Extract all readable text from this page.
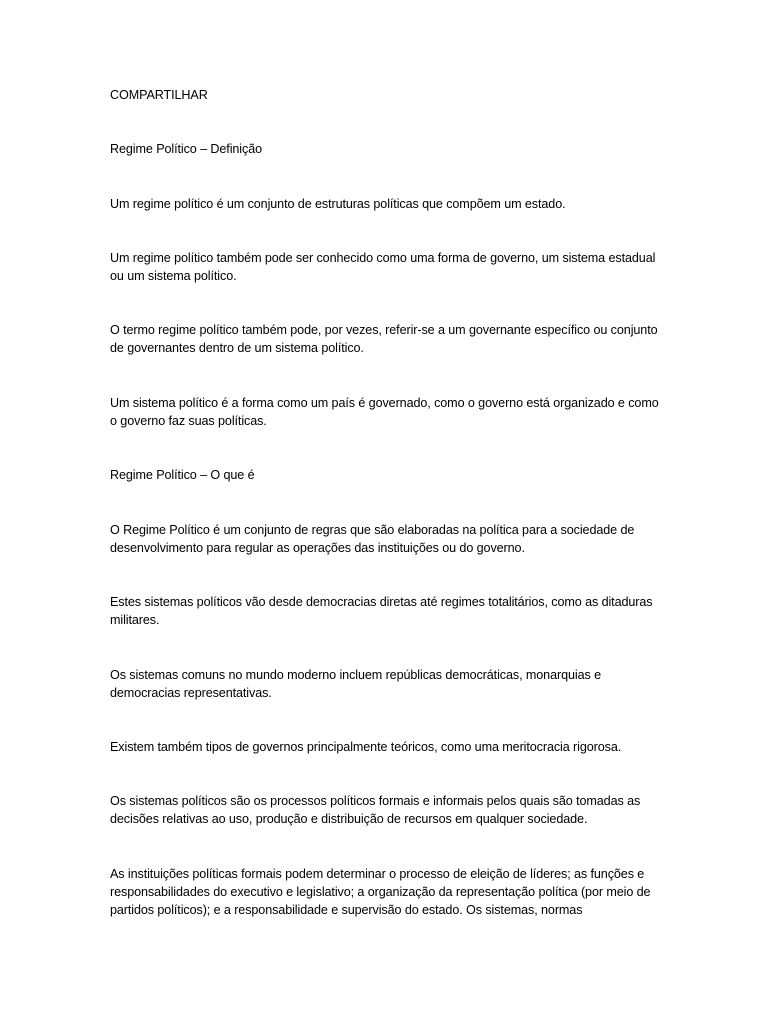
COMPARTILHAR

Regime Político – Definição

Um regime político é um conjunto de estruturas políticas que compõem um estado.

Um regime político também pode ser conhecido como uma forma de governo, um sistema estadual ou um sistema político.

O termo regime político também pode, por vezes, referir-se a um governante específico ou conjunto de governantes dentro de um sistema político.

Um sistema político é a forma como um país é governado, como o governo está organizado e como o governo faz suas políticas.

Regime Político – O que é

O Regime Político é um conjunto de regras que são elaboradas na política para a sociedade de desenvolvimento para regular as operações das instituições ou do governo.

Estes sistemas políticos vão desde democracias diretas até regimes totalitários, como as ditaduras militares.

Os sistemas comuns no mundo moderno incluem repúblicas democráticas, monarquias e democracias representativas.

Existem também tipos de governos principalmente teóricos, como uma meritocracia rigorosa.

Os sistemas políticos são os processos políticos formais e informais pelos quais são tomadas as decisões relativas ao uso, produção e distribuição de recursos em qualquer sociedade.

As instituições políticas formais podem determinar o processo de eleição de líderes; as funções e responsabilidades do executivo e legislativo; a organização da representação política (por meio de partidos políticos); e a responsabilidade e supervisão do estado. Os sistemas, normas
